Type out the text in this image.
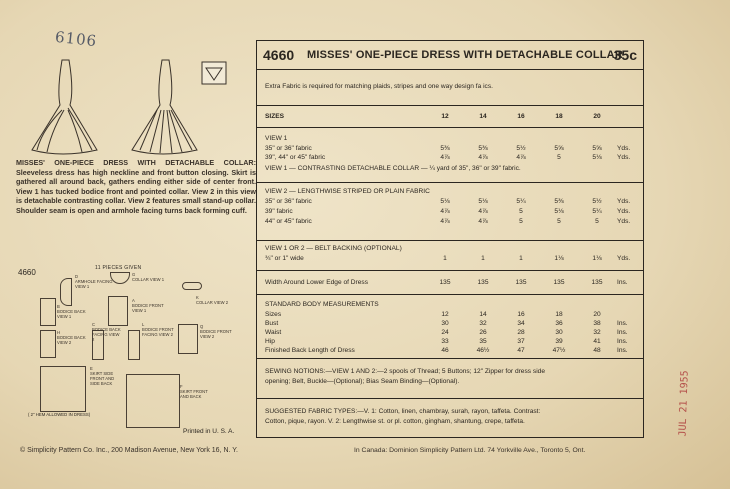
6106
MISSES' ONE-PIECE DRESS WITH DETACHABLE COLLAR: Sleeveless dress has high neckline and front button closing. Skirt is gathered all around back, gathers ending either side of center front. View 1 has tucked bodice front and pointed collar. View 2 in this view is detachable contrasting collar. View 2 features small stand-up collar. Shoulder seam is open and armhole facing turns back forming cuff.
4660	11 PIECES GIVEN
D
ARMHOLE FACING VIEW 1
G
COLLAR VIEW 1
K
COLLAR VIEW 2
B
BODICE BACK VIEW 1
A
BODICE FRONT VIEW 1
H
BODICE BACK VIEW 2
C
BODICE BACK FACING VIEW 2
L
BODICE FRONT FACING VIEW 2
Q
BODICE FRONT VIEW 2
E
SKIRT SIDE FRONT AND SIDE BACK
F
SKIRT FRONT AND BACK
( 2" HEM ALLOWED IN DRESS)
Printed in U. S. A.
4660 MISSES' ONE-PIECE DRESS WITH DETACHABLE COLLAR
35c
Extra Fabric is required for matching plaids, stripes and one way design fa ics.
SIZES	12	14	16	18	20
VIEW 1
35" or 36" fabric	5⅜	5⅜	5½	5⅝	5⅝	Yds.
39", 44" or 45" fabric	4⅞	4⅞	4⅞	5	5⅛	Yds.
VIEW 1 — CONTRASTING DETACHABLE COLLAR — ¼ yard of 35", 36" or 39" fabric.
VIEW 2 — LENGTHWISE STRIPED OR PLAIN FABRIC
35" or 36" fabric	5⅛	5⅛	5¼	5⅜	5½	Yds.
39" fabric	4⅞	4⅞	5	5⅛	5¼	Yds.
44" or 45" fabric	4⅞	4⅞	5	5	5	Yds.
VIEW 1 OR 2 — BELT BACKING (OPTIONAL)
¾" or 1" wide	1	1	1	1⅛	1⅛	Yds.
Width Around Lower Edge of Dress	135	135	135	135	135	Ins.
STANDARD BODY MEASUREMENTS
Sizes	12	14	16	18	20
Bust	30	32	34	36	38	Ins.
Waist	24	26	28	30	32	Ins.
Hip	33	35	37	39	41	Ins.
Finished Back Length of Dress	46	46½	47	47½	48	Ins.
SEWING NOTIONS:—VIEW 1 AND 2:—2 spools of Thread; 5 Buttons; 12" Zipper for dress side
opening; Belt, Buckle—(Optional); Bias Seam Binding—(Optional).
SUGGESTED FABRIC TYPES:—V. 1: Cotton, linen, chambray, surah, rayon, taffeta. Contrast:
Cotton, pique, rayon. V. 2: Lengthwise st. or pl. cotton, gingham, shantung, crepe, taffeta.
© Simplicity Pattern Co. Inc., 200 Madison Avenue, New York 16, N. Y.	In Canada: Dominion Simplicity Pattern Ltd. 74 Yorkville Ave., Toronto 5, Ont.
JUL 21 1955
